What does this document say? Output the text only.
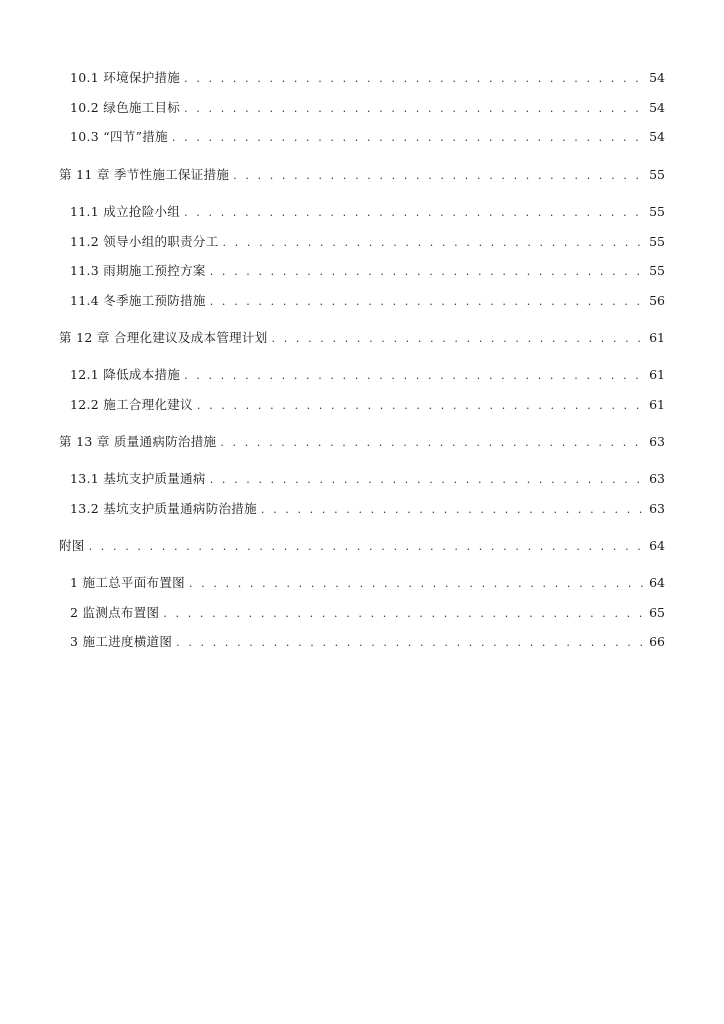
10.1 环境保护措施 . . .	54
10.2 绿色施工目标 . . .	54
10.3 “四节”措施 . . .	54
第 11 章 季节性施工保证措施 . . .	55
11.1 成立抢险小组 . . .	55
11.2 领导小组的职责分工 . . .	55
11.3 雨期施工预控方案 . . .	55
11.4 冬季施工预防措施 . . .	56
第 12 章 合理化建议及成本管理计划 . . .	61
12.1 降低成本措施 . . .	61
12.2 施工合理化建议 . . .	61
第 13 章 质量通病防治措施 . . .	63
13.1 基坑支护质量通病 . . .	63
13.2 基坑支护质量通病防治措施 . . .	63
附图 . . .	64
1 施工总平面布置图 . . .	64
2 监测点布置图 . . .	65
3 施工进度横道图 . . .	66
